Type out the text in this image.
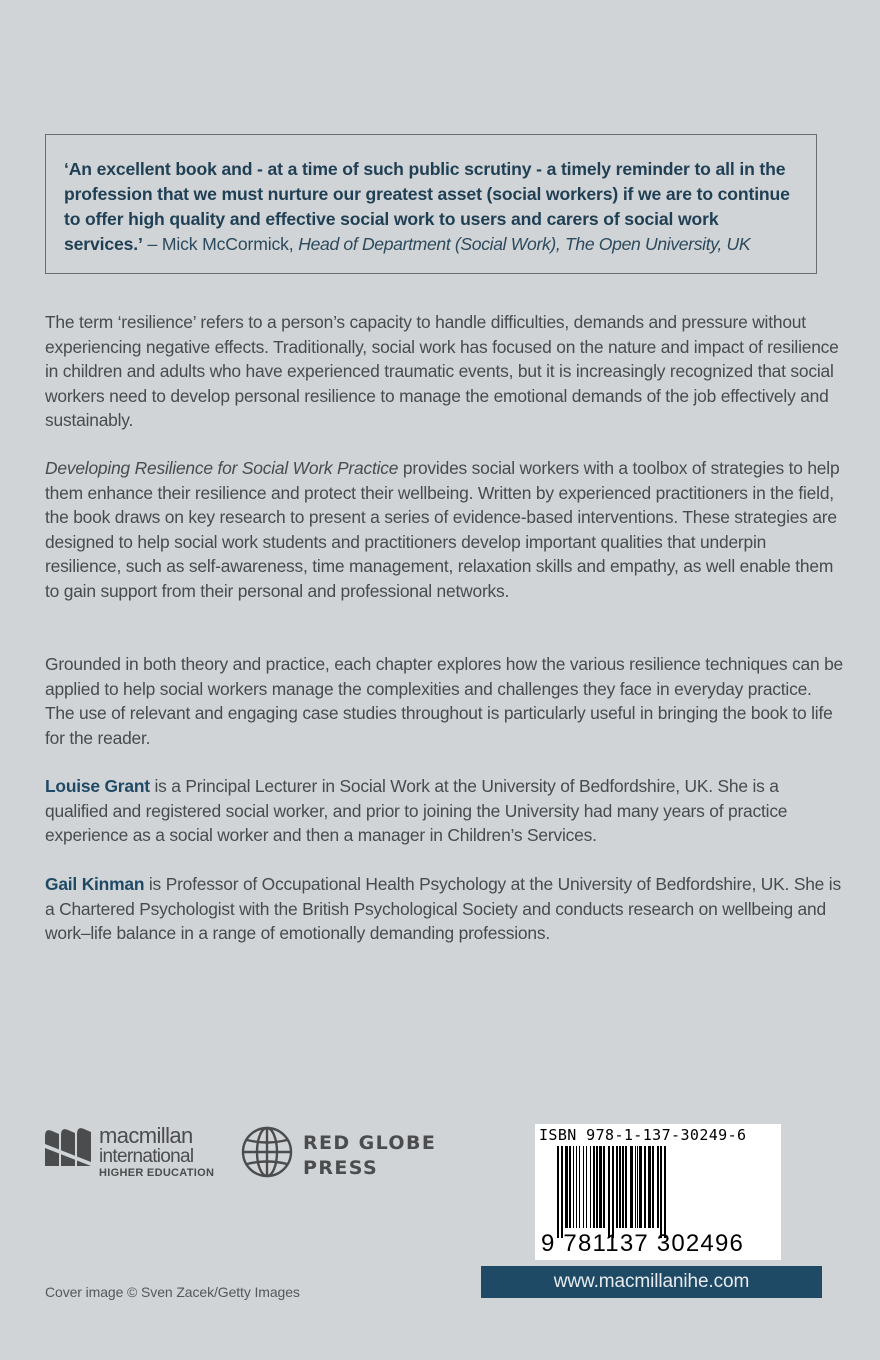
‘An excellent book and - at a time of such public scrutiny - a timely reminder to all in the profession that we must nurture our greatest asset (social workers) if we are to continue to offer high quality and effective social work to users and carers of social work services.’ – Mick McCormick, Head of Department (Social Work), The Open University, UK
The term ‘resilience’ refers to a person’s capacity to handle difficulties, demands and pressure without experiencing negative effects. Traditionally, social work has focused on the nature and impact of resilience in children and adults who have experienced traumatic events, but it is increasingly recognized that social workers need to develop personal resilience to manage the emotional demands of the job effectively and sustainably.
Developing Resilience for Social Work Practice provides social workers with a toolbox of strategies to help them enhance their resilience and protect their wellbeing. Written by experienced practitioners in the field, the book draws on key research to present a series of evidence-based interventions. These strategies are designed to help social work students and practitioners develop important qualities that underpin resilience, such as self-awareness, time management, relaxation skills and empathy, as well enable them to gain support from their personal and professional networks.
Grounded in both theory and practice, each chapter explores how the various resilience techniques can be applied to help social workers manage the complexities and challenges they face in everyday practice. The use of relevant and engaging case studies throughout is particularly useful in bringing the book to life for the reader.
Louise Grant is a Principal Lecturer in Social Work at the University of Bedfordshire, UK. She is a qualified and registered social worker, and prior to joining the University had many years of practice experience as a social worker and then a manager in Children’s Services.
Gail Kinman is Professor of Occupational Health Psychology at the University of Bedfordshire, UK. She is a Chartered Psychologist with the British Psychological Society and conducts research on wellbeing and work–life balance in a range of emotionally demanding professions.
macmillan
international
HIGHER EDUCATION
RED GLOBE
PRESS
ISBN 978-1-137-30249-6
9 781137 302496
www.macmillanihe.com
Cover image © Sven Zacek/Getty Images
